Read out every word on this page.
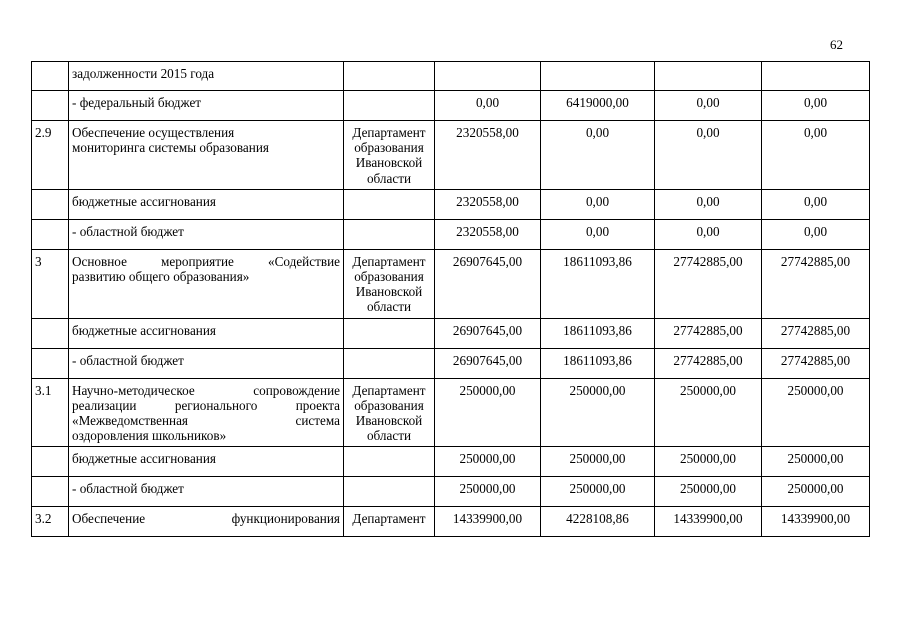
62

	задолженности 2015 года					

	- федеральный бюджет		0,00	6419000,00	0,00	0,00
2.9	Обеспечение осуществления
мониторинга системы образования	Департамент
образования
Ивановской
области	2320558,00	0,00	0,00	0,00

	бюджетные ассигнования		2320558,00	0,00	0,00	0,00

	- областной бюджет		2320558,00	0,00	0,00	0,00
3	Основное мероприятие «Содействие
развитию общего образования»	Департамент
образования
Ивановской
области	26907645,00	18611093,86	27742885,00	27742885,00

	бюджетные ассигнования		26907645,00	18611093,86	27742885,00	27742885,00

	- областной бюджет		26907645,00	18611093,86	27742885,00	27742885,00
3.1	Научно-методическое сопровождение
реализации регионального проекта
«Межведомственная система
оздоровления школьников»	Департамент
образования
Ивановской
области	250000,00	250000,00	250000,00	250000,00

	бюджетные ассигнования		250000,00	250000,00	250000,00	250000,00

	- областной бюджет		250000,00	250000,00	250000,00	250000,00
3.2	Обеспечение функционирования	Департамент	14339900,00	4228108,86	14339900,00	14339900,00
